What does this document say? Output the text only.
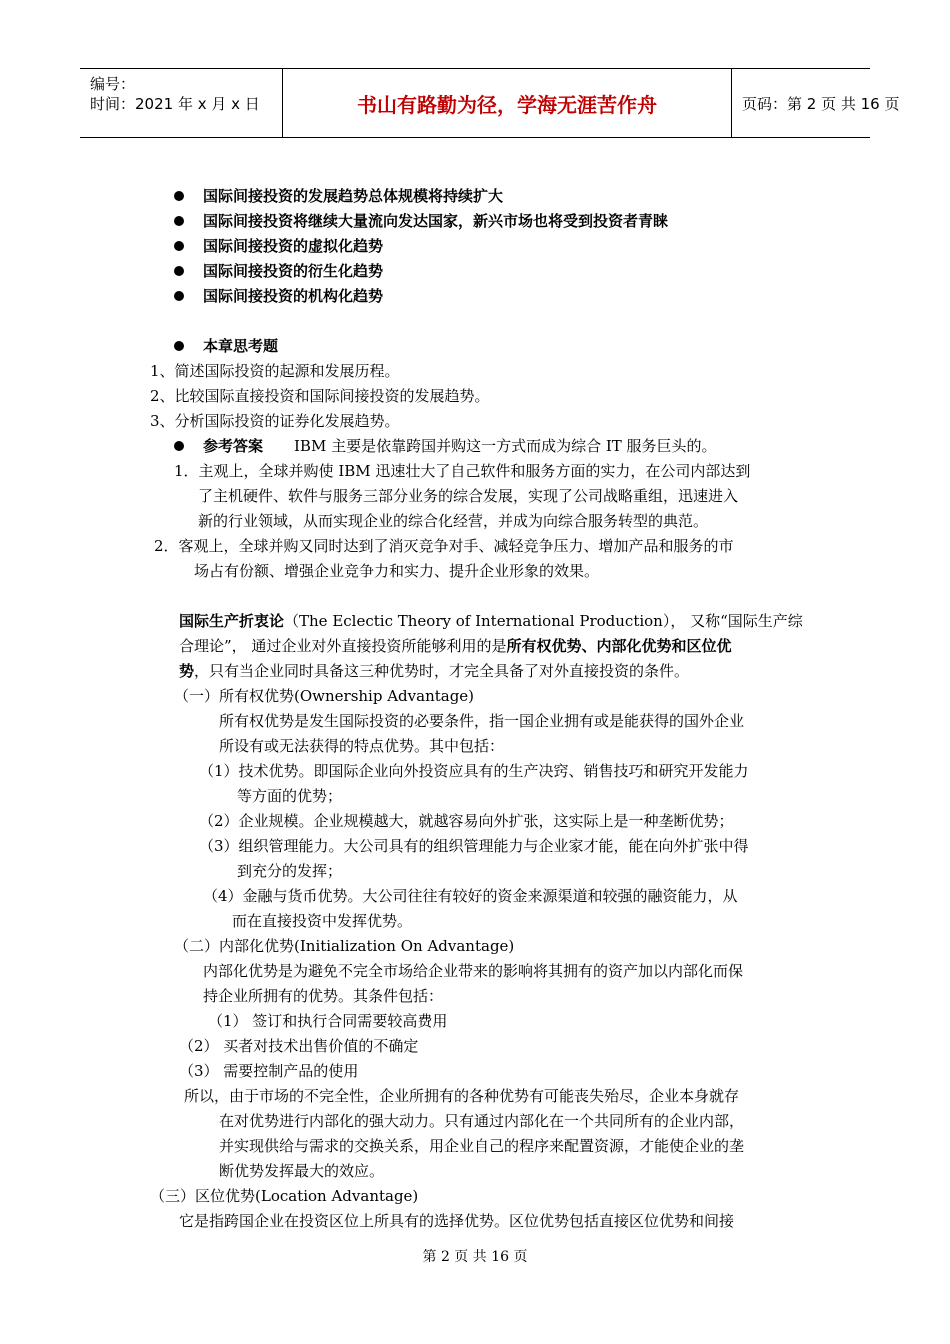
编号：
时间：2021 年 x 月 x 日	书山有路勤为径，学海无涯苦作舟	页码：第 2 页 共 16 页
国际间接投资的发展趋势总体规模将持续扩大
国际间接投资将继续大量流向发达国家，新兴市场也将受到投资者青睐
国际间接投资的虚拟化趋势
国际间接投资的衍生化趋势
国际间接投资的机构化趋势
本章思考题
1、简述国际投资的起源和发展历程。
2、比较国际直接投资和国际间接投资的发展趋势。
3、分析国际投资的证券化发展趋势。
参考答案 IBM 主要是依靠跨国并购这一方式而成为综合 IT 服务巨头的。
1．主观上，全球并购使 IBM 迅速壮大了自己软件和服务方面的实力，在公司内部达到
了主机硬件、软件与服务三部分业务的综合发展，实现了公司战略重组，迅速进入
新的行业领域，从而实现企业的综合化经营，并成为向综合服务转型的典范。
2．客观上，全球并购又同时达到了消灭竞争对手、减轻竞争压力、增加产品和服务的市
场占有份额、增强企业竞争力和实力、提升企业形象的效果。
国际生产折衷论（The Eclectic Theory of International Production）， 又称“国际生产综
合理论”， 通过企业对外直接投资所能够利用的是所有权优势、内部化优势和区位优
势，只有当企业同时具备这三种优势时，才完全具备了对外直接投资的条件。
（一）所有权优势(Ownership Advantage)
所有权优势是发生国际投资的必要条件，指一国企业拥有或是能获得的国外企业
所设有或无法获得的特点优势。其中包括：
（1）技术优势。即国际企业向外投资应具有的生产决窍、销售技巧和研究开发能力
等方面的优势；
（2）企业规模。企业规模越大，就越容易向外扩张，这实际上是一种垄断优势；
（3）组织管理能力。大公司具有的组织管理能力与企业家才能，能在向外扩张中得
到充分的发挥；
（4）金融与货币优势。大公司往往有较好的资金来源渠道和较强的融资能力，从
而在直接投资中发挥优势。
（二）内部化优势(Initialization On Advantage)
内部化优势是为避免不完全市场给企业带来的影响将其拥有的资产加以内部化而保
持企业所拥有的优势。其条件包括：
（1） 签订和执行合同需要较高费用
（2） 买者对技术出售价值的不确定
（3） 需要控制产品的使用
所以，由于市场的不完全性，企业所拥有的各种优势有可能丧失殆尽，企业本身就存
在对优势进行内部化的强大动力。只有通过内部化在一个共同所有的企业内部，
并实现供给与需求的交换关系，用企业自己的程序来配置资源，才能使企业的垄
断优势发挥最大的效应。
（三）区位优势(Location Advantage)
它是指跨国企业在投资区位上所具有的选择优势。区位优势包括直接区位优势和间接
第 2 页 共 16 页
